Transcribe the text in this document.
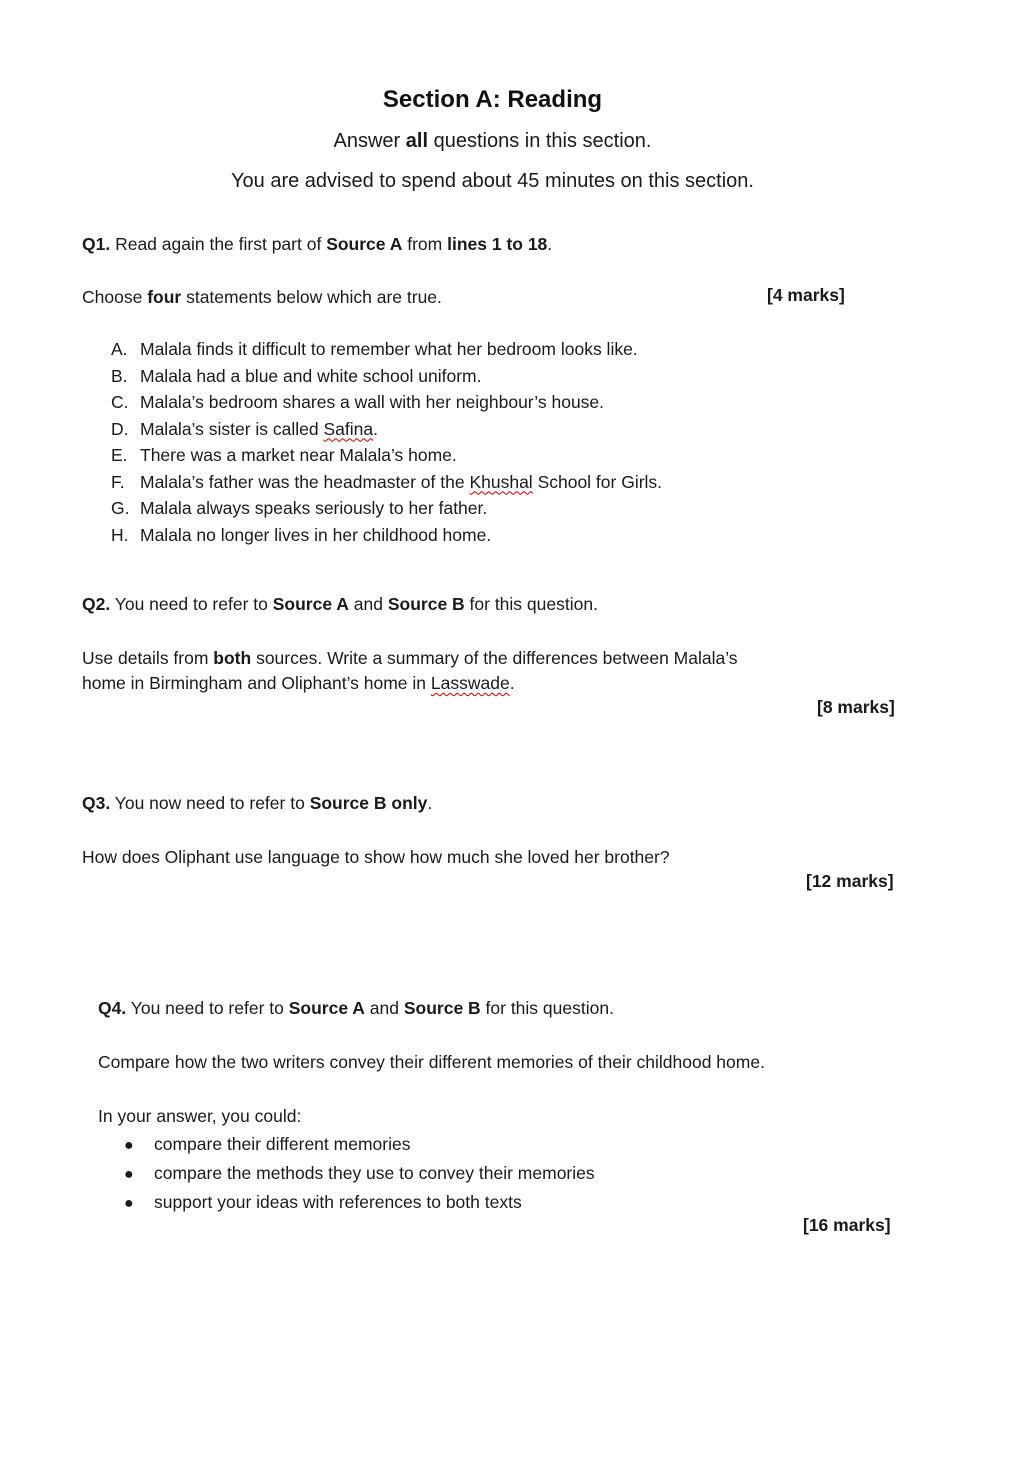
Section A: Reading
Answer all questions in this section.
You are advised to spend about 45 minutes on this section.
Q1. Read again the first part of Source A from lines 1 to 18.
Choose four statements below which are true.	[4 marks]
A. Malala finds it difficult to remember what her bedroom looks like.
B. Malala had a blue and white school uniform.
C. Malala’s bedroom shares a wall with her neighbour’s house.
D. Malala’s sister is called Safina.
E. There was a market near Malala’s home.
F. Malala’s father was the headmaster of the Khushal School for Girls.
G. Malala always speaks seriously to her father.
H. Malala no longer lives in her childhood home.
Q2. You need to refer to Source A and Source B for this question.
Use details from both sources. Write a summary of the differences between Malala’s
home in Birmingham and Oliphant’s home in Lasswade.
[8 marks]
Q3. You now need to refer to Source B only.
How does Oliphant use language to show how much she loved her brother?
[12 marks]
Q4. You need to refer to Source A and Source B for this question.
Compare how the two writers convey their different memories of their childhood home.
In your answer, you could:
● compare their different memories
● compare the methods they use to convey their memories
● support your ideas with references to both texts
[16 marks]
